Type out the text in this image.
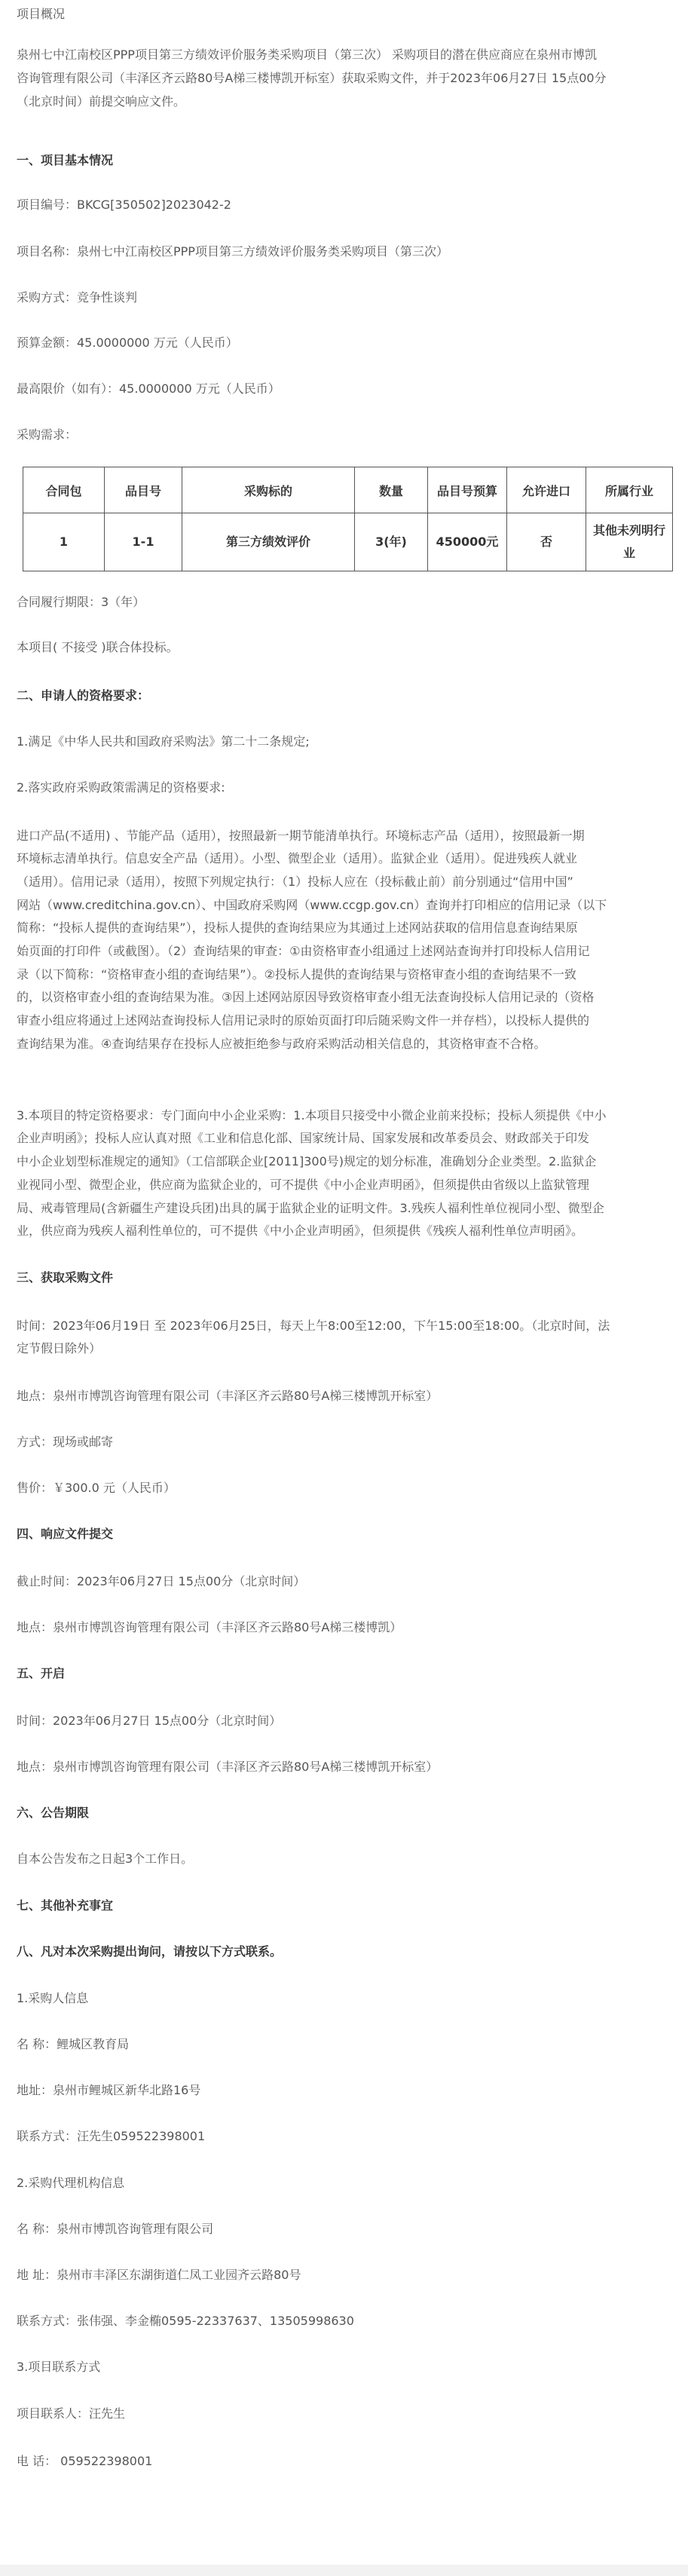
项目概况

泉州七中江南校区PPP项目第三方绩效评价服务类采购项目（第三次） 采购项目的潜在供应商应在泉州市博凯

咨询管理有限公司（丰泽区齐云路80号A梯三楼博凯开标室）获取采购文件，并于2023年06月27日 15点00分

（北京时间）前提交响应文件。

一、项目基本情况

项目编号：BKCG[350502]2023042-2

项目名称：泉州七中江南校区PPP项目第三方绩效评价服务类采购项目（第三次）

采购方式：竞争性谈判

预算金额：45.0000000 万元（人民币）

最高限价（如有）：45.0000000 万元（人民币）

采购需求：

合同包	品目号	采购标的	数量	品目号预算	允许进口	所属行业
1	1-1	第三方绩效评价	3(年)	450000元	否	其他未列明行业

合同履行期限：3（年）

本项目( 不接受 )联合体投标。

二、申请人的资格要求：

1.满足《中华人民共和国政府采购法》第二十二条规定;

2.落实政府采购政策需满足的资格要求:

进口产品(不适用) 、节能产品（适用），按照最新一期节能清单执行。环境标志产品（适用），按照最新一期

环境标志清单执行。信息安全产品（适用）。小型、微型企业（适用）。监狱企业（适用）。促进残疾人就业

（适用）。信用记录（适用），按照下列规定执行：（1）投标人应在（投标截止前）前分别通过“信用中国”

网站（www.creditchina.gov.cn）、中国政府采购网（www.ccgp.gov.cn）查询并打印相应的信用记录（以下

简称：“投标人提供的查询结果”），投标人提供的查询结果应为其通过上述网站获取的信用信息查询结果原

始页面的打印件（或截图）。（2）查询结果的审查：①由资格审查小组通过上述网站查询并打印投标人信用记

录（以下简称：“资格审查小组的查询结果”）。②投标人提供的查询结果与资格审查小组的查询结果不一致

的，以资格审查小组的查询结果为准。③因上述网站原因导致资格审查小组无法查询投标人信用记录的（资格

审查小组应将通过上述网站查询投标人信用记录时的原始页面打印后随采购文件一并存档），以投标人提供的

查询结果为准。④查询结果存在投标人应被拒绝参与政府采购活动相关信息的，其资格审查不合格。

3.本项目的特定资格要求：专门面向中小企业采购：1.本项目只接受中小微企业前来投标；投标人须提供《中小

企业声明函》；投标人应认真对照《工业和信息化部、国家统计局、国家发展和改革委员会、财政部关于印发

中小企业划型标准规定的通知》（工信部联企业[2011]300号)规定的划分标准，准确划分企业类型。2.监狱企

业视同小型、微型企业，供应商为监狱企业的，可不提供《中小企业声明函》，但须提供由省级以上监狱管理

局、戒毒管理局(含新疆生产建设兵团)出具的属于监狱企业的证明文件。3.残疾人福利性单位视同小型、微型企

业，供应商为残疾人福利性单位的，可不提供《中小企业声明函》，但须提供《残疾人福利性单位声明函》。

三、获取采购文件

时间：2023年06月19日 至 2023年06月25日，每天上午8:00至12:00，下午15:00至18:00。（北京时间，法

定节假日除外）

地点：泉州市博凯咨询管理有限公司（丰泽区齐云路80号A梯三楼博凯开标室）

方式：现场或邮寄

售价：￥300.0 元（人民币）

四、响应文件提交

截止时间：2023年06月27日 15点00分（北京时间）

地点：泉州市博凯咨询管理有限公司（丰泽区齐云路80号A梯三楼博凯）

五、开启

时间：2023年06月27日 15点00分（北京时间）

地点：泉州市博凯咨询管理有限公司（丰泽区齐云路80号A梯三楼博凯开标室）

六、公告期限

自本公告发布之日起3个工作日。

七、其他补充事宜

八、凡对本次采购提出询问，请按以下方式联系。

1.采购人信息

名 称：鲤城区教育局

地址：泉州市鲤城区新华北路16号

联系方式：汪先生059522398001

2.采购代理机构信息

名 称：泉州市博凯咨询管理有限公司

地 址：泉州市丰泽区东湖街道仁凤工业园齐云路80号

联系方式：张伟强、李金椭0595-22337637、13505998630

3.项目联系方式

项目联系人：汪先生

电 话： 059522398001
